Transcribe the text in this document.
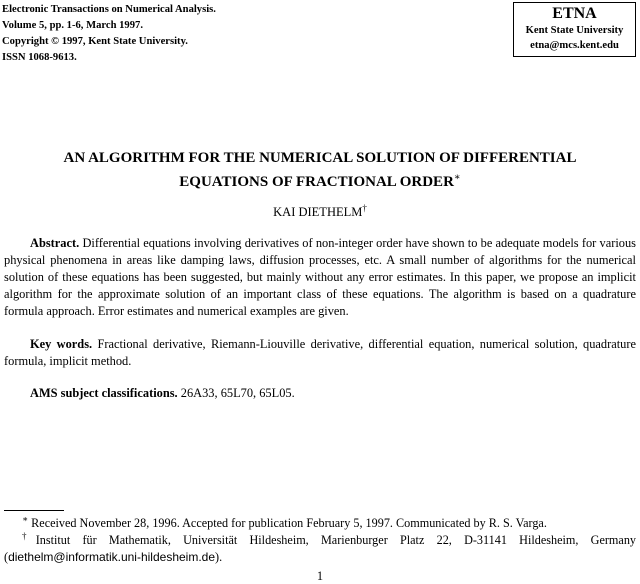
Electronic Transactions on Numerical Analysis.
Volume 5, pp. 1-6, March 1997.
Copyright © 1997, Kent State University.
ISSN 1068-9613.
ETNA
Kent State University
etna@mcs.kent.edu
AN ALGORITHM FOR THE NUMERICAL SOLUTION OF DIFFERENTIAL
EQUATIONS OF FRACTIONAL ORDER∗
KAI DIETHELM†
Abstract. Differential equations involving derivatives of non-integer order have shown to be adequate models for various physical phenomena in areas like damping laws, diffusion processes, etc. A small number of algorithms for the numerical solution of these equations has been suggested, but mainly without any error estimates. In this paper, we propose an implicit algorithm for the approximate solution of an important class of these equations. The algorithm is based on a quadrature formula approach. Error estimates and numerical examples are given.
Key words. Fractional derivative, Riemann-Liouville derivative, differential equation, numerical solution, quadrature formula, implicit method.
AMS subject classifications. 26A33, 65L70, 65L05.
∗ Received November 28, 1996. Accepted for publication February 5, 1997. Communicated by R. S. Varga.
†Institut für Mathematik, Universität Hildesheim, Marienburger Platz 22, D-31141 Hildesheim, Germany (diethelm@informatik.uni-hildesheim.de).
1
